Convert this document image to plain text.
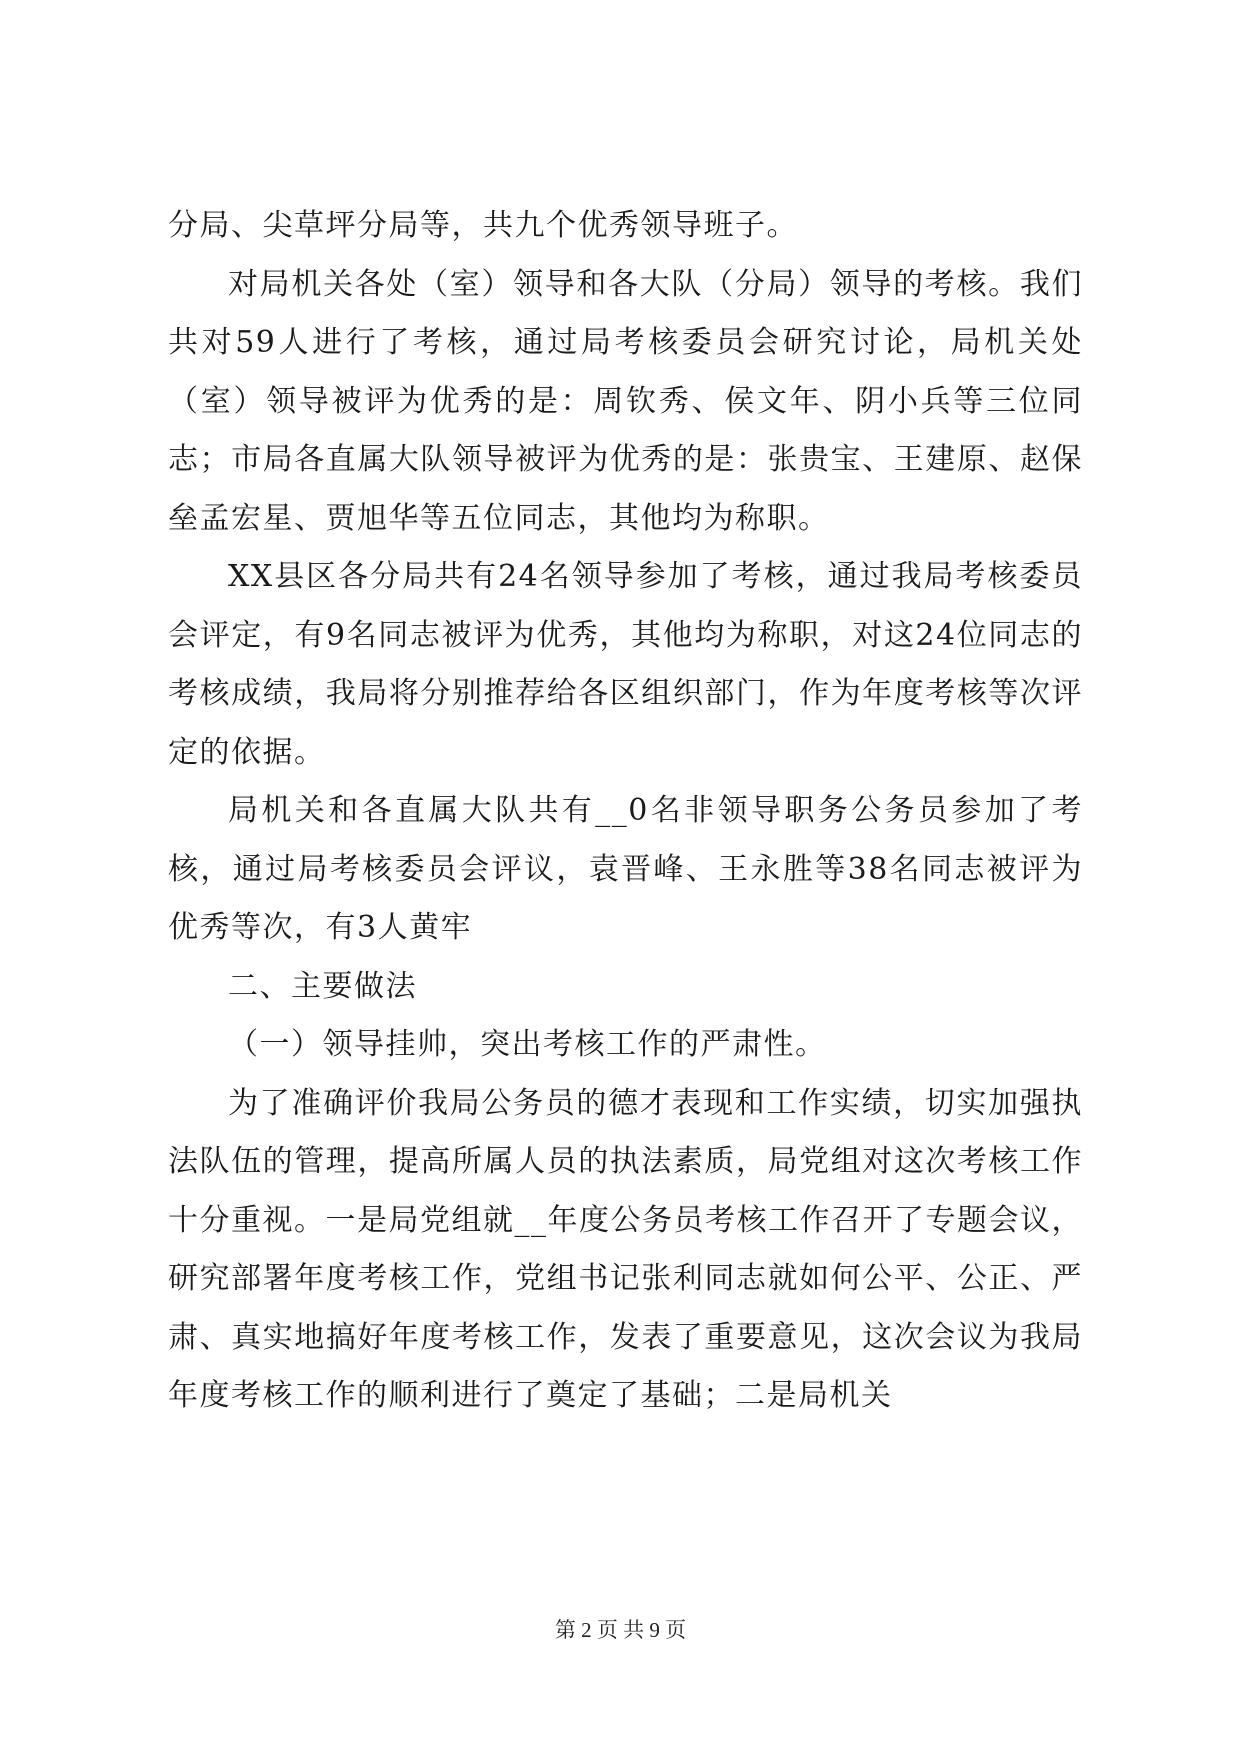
分局、尖草坪分局等，共九个优秀领导班子。

对局机关各处（室）领导和各大队（分局）领导的考核。我们共对59人进行了考核，通过局考核委员会研究讨论，局机关处（室）领导被评为优秀的是：周钦秀、侯文年、阴小兵等三位同志；市局各直属大队领导被评为优秀的是：张贵宝、王建原、赵保垒孟宏星、贾旭华等五位同志，其他均为称职。

XX县区各分局共有24名领导参加了考核，通过我局考核委员会评定，有9名同志被评为优秀，其他均为称职，对这24位同志的考核成绩，我局将分别推荐给各区组织部门，作为年度考核等次评定的依据。

局机关和各直属大队共有__0名非领导职务公务员参加了考核，通过局考核委员会评议，袁晋峰、王永胜等38名同志被评为优秀等次，有3人黄牢

二、主要做法

（一）领导挂帅，突出考核工作的严肃性。

为了准确评价我局公务员的德才表现和工作实绩，切实加强执法队伍的管理，提高所属人员的执法素质，局党组对这次考核工作十分重视。一是局党组就__年度公务员考核工作召开了专题会议，研究部署年度考核工作，党组书记张利同志就如何公平、公正、严肃、真实地搞好年度考核工作，发表了重要意见，这次会议为我局年度考核工作的顺利进行了奠定了基础；二是局机关

第 2 页 共 9 页
